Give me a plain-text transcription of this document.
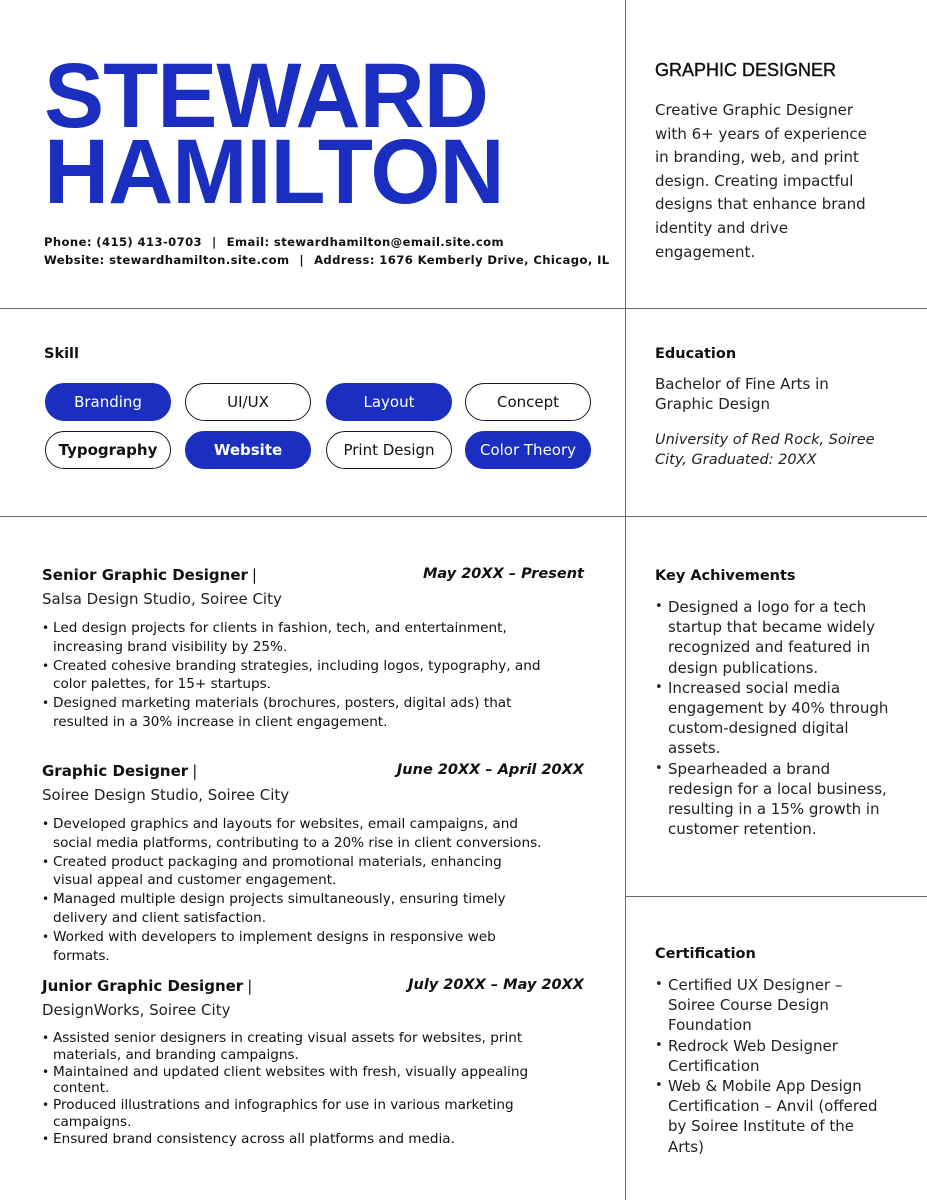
STEWARD
HAMILTON
Phone: (415) 413-0703 | Email: stewardhamilton@email.site.com
Website: stewardhamilton.site.com | Address: 1676 Kemberly Drive, Chicago, IL
GRAPHIC DESIGNER
Creative Graphic Designer with 6+ years of experience in branding, web, and print design. Creating impactful designs that enhance brand identity and drive engagement.
Skill
Branding	UI/UX	Layout	Concept
Typography	Website	Print Design	Color Theory
Education
Bachelor of Fine Arts in Graphic Design
University of Red Rock, Soiree City, Graduated: 20XX
Senior Graphic Designer |	May 20XX – Present
Salsa Design Studio, Soiree City
• Led design projects for clients in fashion, tech, and entertainment, increasing brand visibility by 25%.
• Created cohesive branding strategies, including logos, typography, and color palettes, for 15+ startups.
• Designed marketing materials (brochures, posters, digital ads) that resulted in a 30% increase in client engagement.
Graphic Designer |	June 20XX – April 20XX
Soiree Design Studio, Soiree City
• Developed graphics and layouts for websites, email campaigns, and social media platforms, contributing to a 20% rise in client conversions.
• Created product packaging and promotional materials, enhancing visual appeal and customer engagement.
• Managed multiple design projects simultaneously, ensuring timely delivery and client satisfaction.
• Worked with developers to implement designs in responsive web formats.
Junior Graphic Designer |	July 20XX – May 20XX
DesignWorks, Soiree City
• Assisted senior designers in creating visual assets for websites, print materials, and branding campaigns.
• Maintained and updated client websites with fresh, visually appealing content.
• Produced illustrations and infographics for use in various marketing campaigns.
• Ensured brand consistency across all platforms and media.
Key Achivements
• Designed a logo for a tech startup that became widely recognized and featured in design publications.
• Increased social media engagement by 40% through custom-designed digital assets.
• Spearheaded a brand redesign for a local business, resulting in a 15% growth in customer retention.
Certification
• Certified UX Designer – Soiree Course Design Foundation
• Redrock Web Designer Certification
• Web & Mobile App Design Certification – Anvil (offered by Soiree Institute of the Arts)
